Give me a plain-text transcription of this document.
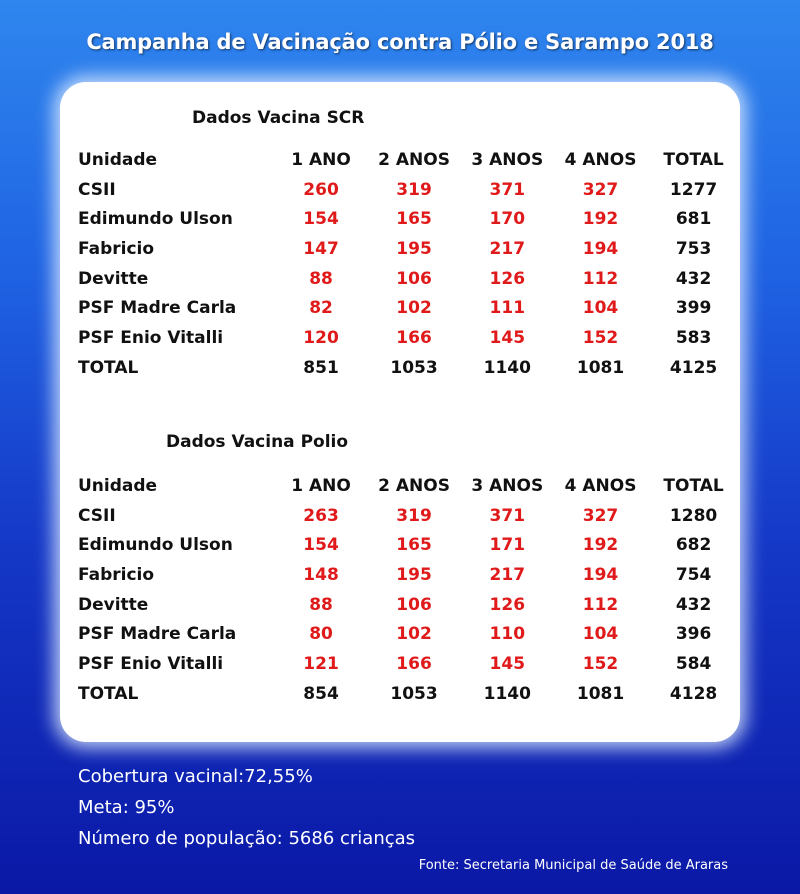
Campanha de Vacinação contra Pólio e Sarampo 2018
Dados Vacina SCR
Unidade	1 ANO	2 ANOS	3 ANOS	4 ANOS	TOTAL
CSII	260	319	371	327	1277
Edimundo Ulson	154	165	170	192	681
Fabricio	147	195	217	194	753
Devitte	88	106	126	112	432
PSF Madre Carla	82	102	111	104	399
PSF Enio Vitalli	120	166	145	152	583
TOTAL	851	1053	1140	1081	4125
Dados Vacina Polio
Unidade	1 ANO	2 ANOS	3 ANOS	4 ANOS	TOTAL
CSII	263	319	371	327	1280
Edimundo Ulson	154	165	171	192	682
Fabricio	148	195	217	194	754
Devitte	88	106	126	112	432
PSF Madre Carla	80	102	110	104	396
PSF Enio Vitalli	121	166	145	152	584
TOTAL	854	1053	1140	1081	4128
Cobertura vacinal:72,55%
Meta: 95%
Número de população: 5686 crianças
Fonte: Secretaria Municipal de Saúde de Araras
